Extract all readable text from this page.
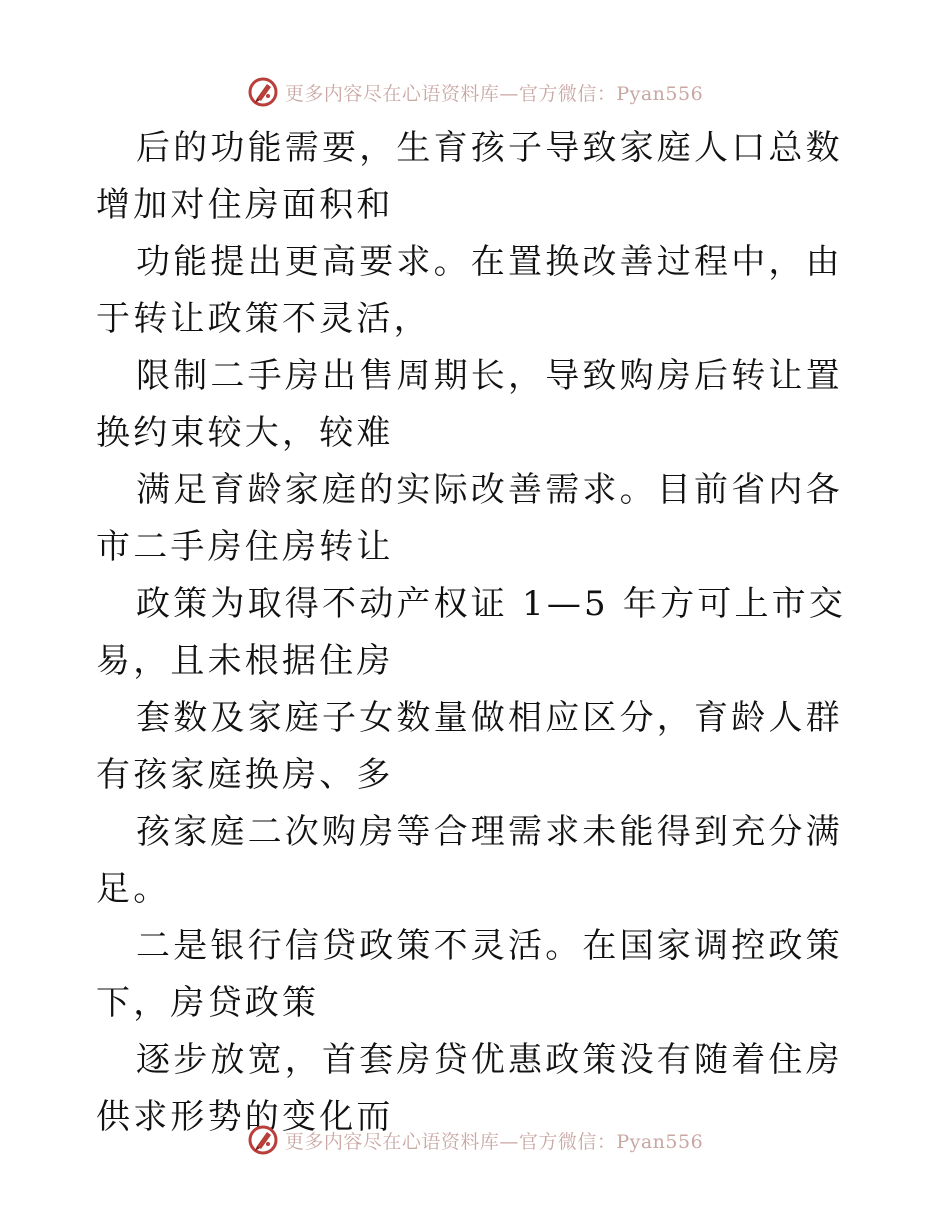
更多内容尽在心语资料库—官方微信：Pyan556

后的功能需要，生育孩子导致家庭人口总数增加对住房面积和

功能提出更高要求。在置换改善过程中，由于转让政策不灵活，

限制二手房出售周期长，导致购房后转让置换约束较大，较难

满足育龄家庭的实际改善需求。目前省内各市二手房住房转让

政策为取得不动产权证 1—5 年方可上市交易，且未根据住房

套数及家庭子女数量做相应区分，育龄人群有孩家庭换房、多

孩家庭二次购房等合理需求未能得到充分满足。

二是银行信贷政策不灵活。在国家调控政策下，房贷政策

逐步放宽，首套房贷优惠政策没有随着住房供求形势的变化而

更多内容尽在心语资料库—官方微信：Pyan556
